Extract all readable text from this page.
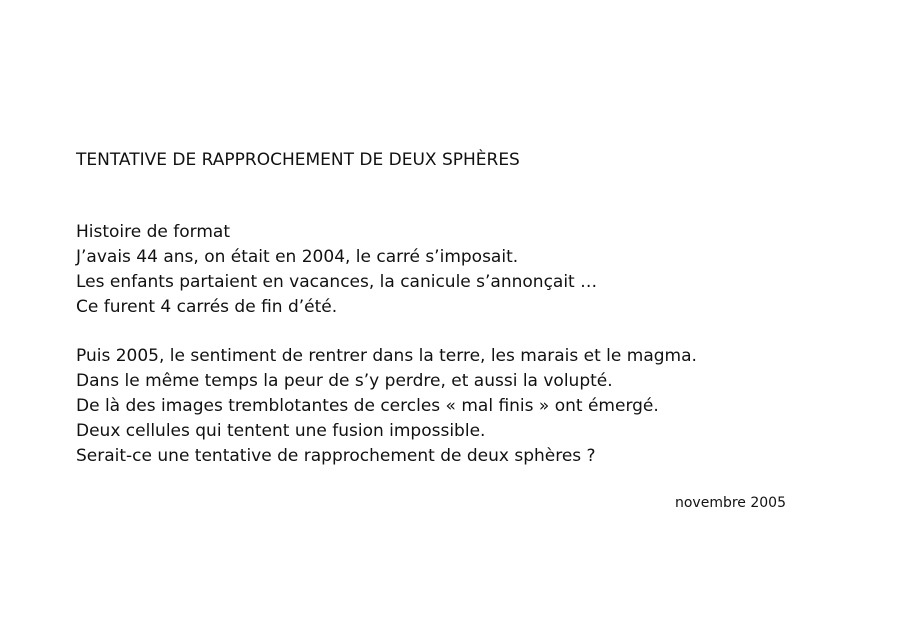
TENTATIVE DE RAPPROCHEMENT DE DEUX SPHÈRES
Histoire de format
J’avais 44 ans, on était en 2004, le carré s’imposait.
Les enfants partaient en vacances, la canicule s’annonçait …
Ce furent 4 carrés de fin d’été.
Puis 2005, le sentiment de rentrer dans la terre, les marais et le magma.
Dans le même temps la peur de s’y perdre, et aussi la volupté.
De là des images tremblotantes de cercles « mal finis » ont émergé.
Deux cellules qui tentent une fusion impossible.
Serait-ce une tentative de rapprochement de deux sphères ?
novembre 2005
